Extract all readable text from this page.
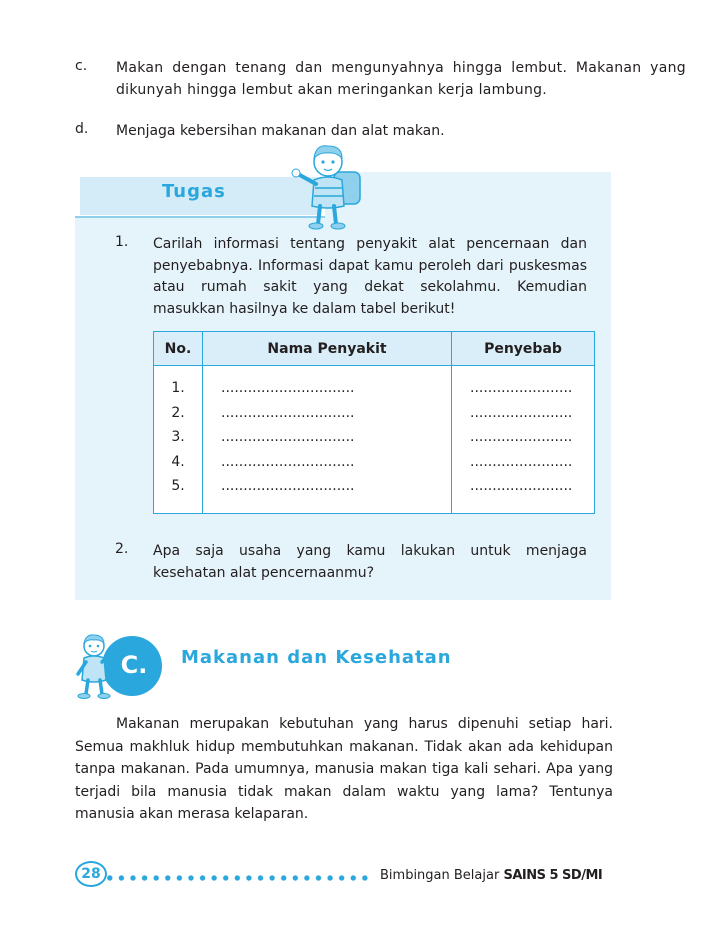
c. Makan dengan tenang dan mengunyahnya hingga lembut. Makanan yang dikunyah hingga lembut akan meringankan kerja lambung.
d. Menjaga kebersihan makanan dan alat makan.
Tugas
1. Carilah informasi tentang penyakit alat pencernaan dan penyebabnya. Informasi dapat kamu peroleh dari puskesmas atau rumah sakit yang dekat sekolahmu. Kemudian masukkan hasilnya ke dalam tabel berikut!
No.	Nama Penyakit	Penyebab

1.	..............................	.......................
2.	..............................	.......................
3.	..............................	.......................
4.	..............................	.......................
5.	..............................	.......................

2. Apa saja usaha yang kamu lakukan untuk menjaga kesehatan alat pencernaanmu?
C. Makanan dan Kesehatan
Makanan merupakan kebutuhan yang harus dipenuhi setiap hari. Semua makhluk hidup membutuhkan makanan. Tidak akan ada kehidupan tanpa makanan. Pada umumnya, manusia makan tiga kali sehari. Apa yang terjadi bila manusia tidak makan dalam waktu yang lama? Tentunya manusia akan merasa kelaparan.
28	Bimbingan Belajar SAINS 5 SD/MI
